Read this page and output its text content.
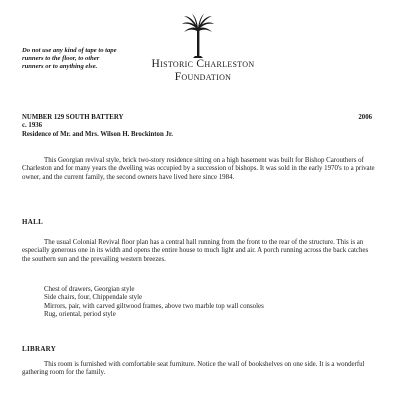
Do not use any kind of tape to tape runners to the floor, to other runners or to anything else.	Historic Charleston
Foundation
NUMBER 129 SOUTH BATTERY	2006
c. 1936
Residence of Mr. and Mrs. Wilson H. Brockinton Jr.

This Georgian revival style, brick two-story residence sitting on a high basement was built for Bishop Carouthers of Charleston and for many years the dwelling was occupied by a succession of bishops. It was sold in the early 1970's to a private owner, and the current family, the second owners have lived here since 1984.

HALL

The usual Colonial Revival floor plan has a central hall running from the front to the rear of the structure. This is an especially generous one in its width and opens the entire house to much light and air. A porch running across the back catches the southern sun and the prevailing western breezes.

Chest of drawers, Georgian style
Side chairs, four, Chippendale style
Mirrors, pair, with carved giltwood frames, above two marble top wall consoles
Rug, oriental, period style
LIBRARY

This room is furnished with comfortable seat furniture. Notice the wall of bookshelves on one side. It is a wonderful gathering room for the family.
